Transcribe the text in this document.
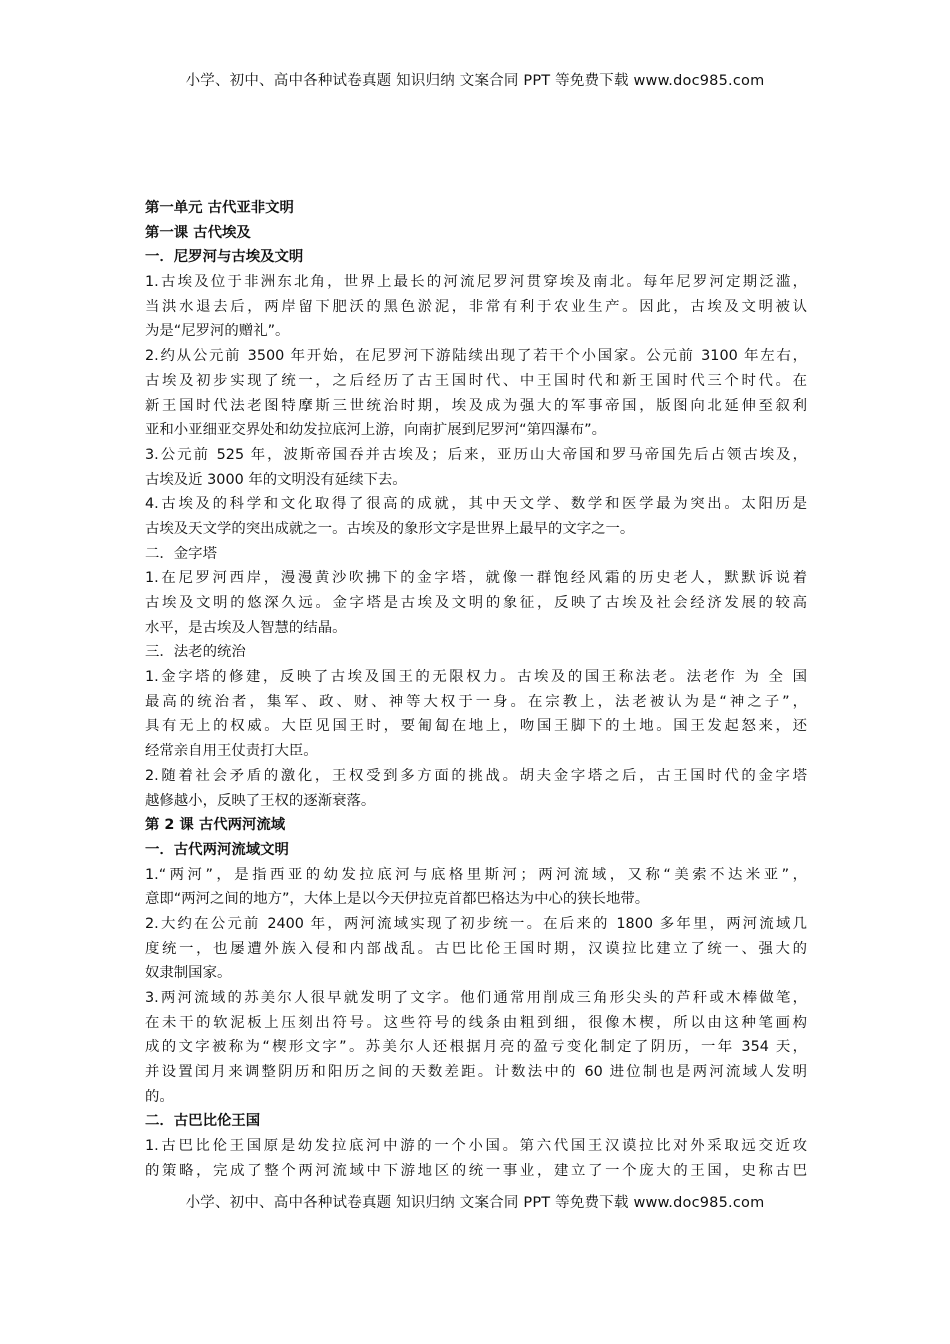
小学、初中、高中各种试卷真题 知识归纳 文案合同 PPT 等免费下载 www.doc985.com
第一单元 古代亚非文明
第一课 古代埃及
一．尼罗河与古埃及文明
1.古埃及位于非洲东北角，世界上最长的河流尼罗河贯穿埃及南北。每年尼罗河定期泛滥，
当洪水退去后，两岸留下肥沃的黑色淤泥，非常有利于农业生产。因此，古埃及文明被认
为是“尼罗河的赠礼”。
2.约从公元前 3500 年开始，在尼罗河下游陆续出现了若干个小国家。公元前 3100 年左右，
古埃及初步实现了统一，之后经历了古王国时代、中王国时代和新王国时代三个时代。在
新王国时代法老图特摩斯三世统治时期，埃及成为强大的军事帝国，版图向北延伸至叙利
亚和小亚细亚交界处和幼发拉底河上游，向南扩展到尼罗河“第四瀑布”。
3.公元前 525 年，波斯帝国吞并古埃及；后来，亚历山大帝国和罗马帝国先后占领古埃及，
古埃及近 3000 年的文明没有延续下去。
4.古埃及的科学和文化取得了很高的成就，其中天文学、数学和医学最为突出。太阳历是
古埃及天文学的突出成就之一。古埃及的象形文字是世界上最早的文字之一。
二．金字塔
1.在尼罗河西岸，漫漫黄沙吹拂下的金字塔，就像一群饱经风霜的历史老人，默默诉说着
古埃及文明的悠深久远。金字塔是古埃及文明的象征，反映了古埃及社会经济发展的较高
水平，是古埃及人智慧的结晶。
三．法老的统治
1.金字塔的修建，反映了古埃及国王的无限权力。古埃及的国王称法老。法老作 为 全 国
最高的统治者，集军、政、财、神等大权于一身。在宗教上，法老被认为是“神之子”，
具有无上的权威。大臣见国王时，要匍匐在地上，吻国王脚下的土地。国王发起怒来，还
经常亲自用王仗责打大臣。
2.随着社会矛盾的激化，王权受到多方面的挑战。胡夫金字塔之后，古王国时代的金字塔
越修越小，反映了王权的逐渐衰落。
第 2 课 古代两河流域
一．古代两河流域文明
1.“两河”，是指西亚的幼发拉底河与底格里斯河；两河流域，又称“美索不达米亚”，
意即“两河之间的地方”，大体上是以今天伊拉克首都巴格达为中心的狭长地带。
2.大约在公元前 2400 年，两河流域实现了初步统一。在后来的 1800 多年里，两河流域几
度统一，也屡遭外族入侵和内部战乱。古巴比伦王国时期，汉谟拉比建立了统一、强大的
奴隶制国家。
3.两河流域的苏美尔人很早就发明了文字。他们通常用削成三角形尖头的芦秆或木棒做笔，
在未干的软泥板上压刻出符号。这些符号的线条由粗到细，很像木楔，所以由这种笔画构
成的文字被称为“楔形文字”。苏美尔人还根据月亮的盈亏变化制定了阴历，一年 354 天，
并设置闰月来调整阴历和阳历之间的天数差距。计数法中的 60 进位制也是两河流域人发明
的。
二．古巴比伦王国
1.古巴比伦王国原是幼发拉底河中游的一个小国。第六代国王汉谟拉比对外采取远交近攻
的策略，完成了整个两河流域中下游地区的统一事业，建立了一个庞大的王国，史称古巴
小学、初中、高中各种试卷真题 知识归纳 文案合同 PPT 等免费下载 www.doc985.com
